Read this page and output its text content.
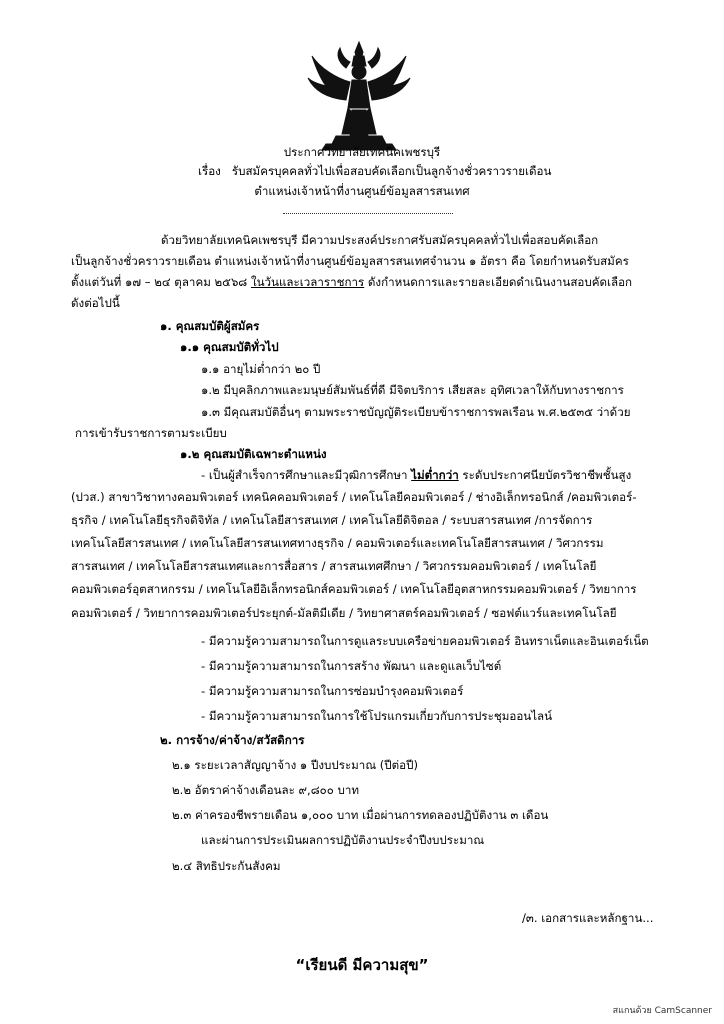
ประกาศวิทยาลัยเทคนิคเพชรบุรี
เรื่อง รับสมัครบุคคลทั่วไปเพื่อสอบคัดเลือกเป็นลูกจ้างชั่วคราวรายเดือน
ตำแหน่งเจ้าหน้าที่งานศูนย์ข้อมูลสารสนเทศ
ด้วยวิทยาลัยเทคนิคเพชรบุรี มีความประสงค์ประกาศรับสมัครบุคคลทั่วไปเพื่อสอบคัดเลือก
เป็นลูกจ้างชั่วคราวรายเดือน ตำแหน่งเจ้าหน้าที่งานศูนย์ข้อมูลสารสนเทศจำนวน ๑ อัตรา คือ โดยกำหนดรับสมัคร
ตั้งแต่วันที่ ๑๗ – ๒๔ ตุลาคม ๒๕๖๘ ในวันและเวลาราชการ ดังกำหนดการและรายละเอียดดำเนินงานสอบคัดเลือก
ดังต่อไปนี้
๑. คุณสมบัติผู้สมัคร
๑.๑ คุณสมบัติทั่วไป
๑.๑ อายุไม่ต่ำกว่า ๒๐ ปี
๑.๒ มีบุคลิกภาพและมนุษย์สัมพันธ์ที่ดี มีจิตบริการ เสียสละ อุทิศเวลาให้กับทางราชการ
๑.๓ มีคุณสมบัติอื่นๆ ตามพระราชบัญญัติระเบียบข้าราชการพลเรือน พ.ศ.๒๕๓๕ ว่าด้วย
การเข้ารับราชการตามระเบียบ
๑.๒ คุณสมบัติเฉพาะตำแหน่ง
- เป็นผู้สำเร็จการศึกษาและมีวุฒิการศึกษา ไม่ต่ำกว่า ระดับประกาศนียบัตรวิชาชีพชั้นสูง
(ปวส.) สาขาวิชาทางคอมพิวเตอร์ เทคนิคคอมพิวเตอร์ / เทคโนโลยีคอมพิวเตอร์ / ช่างอิเล็กทรอนิกส์ /คอมพิวเตอร์-
ธุรกิจ / เทคโนโลยีธุรกิจดิจิทัล / เทคโนโลยีสารสนเทศ / เทคโนโลยีดิจิตอล / ระบบสารสนเทศ /การจัดการ
เทคโนโลยีสารสนเทศ / เทคโนโลยีสารสนเทศทางธุรกิจ / คอมพิวเตอร์และเทคโนโลยีสารสนเทศ / วิศวกรรม
สารสนเทศ / เทคโนโลยีสารสนเทศและการสื่อสาร / สารสนเทศศึกษา / วิศวกรรมคอมพิวเตอร์ / เทคโนโลยี
คอมพิวเตอร์อุตสาหกรรม / เทคโนโลยีอิเล็กทรอนิกส์คอมพิวเตอร์ / เทคโนโลยีอุตสาหกรรมคอมพิวเตอร์ / วิทยาการ
คอมพิวเตอร์ / วิทยาการคอมพิวเตอร์ประยุกต์-มัลติมีเดีย / วิทยาศาสตร์คอมพิวเตอร์ / ซอฟต์แวร์และเทคโนโลยี
- มีความรู้ความสามารถในการดูแลระบบเครือข่ายคอมพิวเตอร์ อินทราเน็ตและอินเตอร์เน็ต
- มีความรู้ความสามารถในการสร้าง พัฒนา และดูแลเว็บไซต์
- มีความรู้ความสามารถในการซ่อมบำรุงคอมพิวเตอร์
- มีความรู้ความสามารถในการใช้โปรแกรมเกี่ยวกับการประชุมออนไลน์
๒. การจ้าง/ค่าจ้าง/สวัสดิการ
๒.๑ ระยะเวลาสัญญาจ้าง ๑ ปีงบประมาณ (ปีต่อปี)
๒.๒ อัตราค่าจ้างเดือนละ ๙,๘๐๐ บาท
๒.๓ ค่าครองชีพรายเดือน ๑,๐๐๐ บาท เมื่อผ่านการทดลองปฏิบัติงาน ๓ เดือน
และผ่านการประเมินผลการปฏิบัติงานประจำปีงบประมาณ
๒.๔ สิทธิประกันสังคม
/๓. เอกสารและหลักฐาน...
“เรียนดี มีความสุข”
สแกนด้วย CamScanner
